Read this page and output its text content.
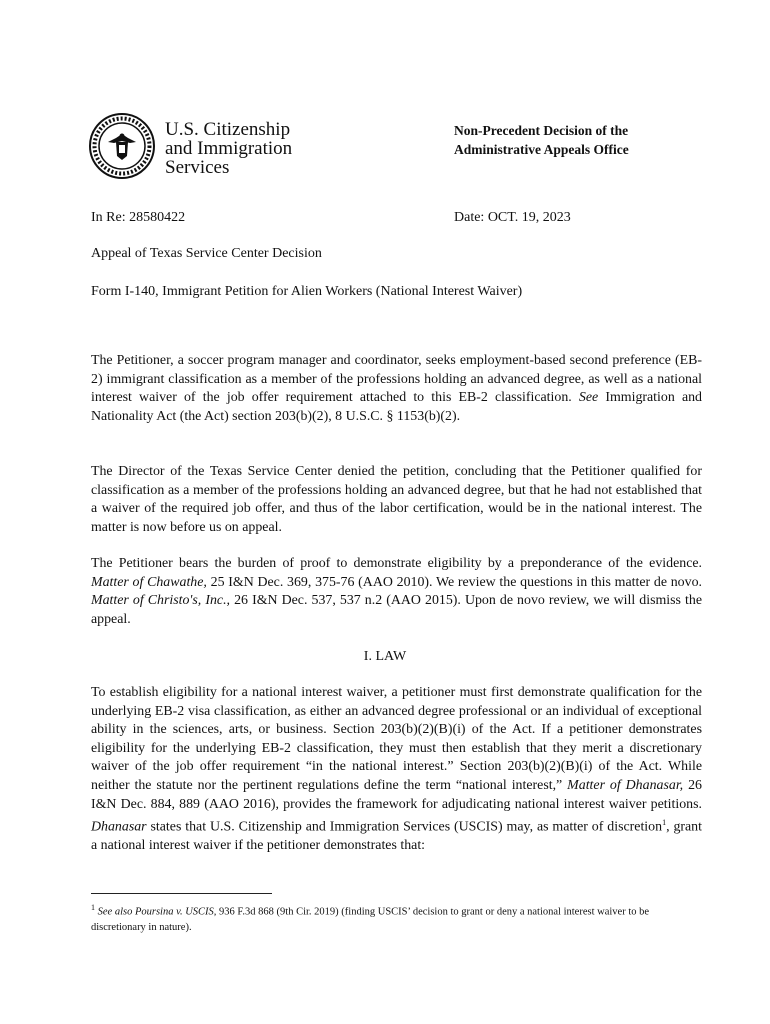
U.S. Citizenship
and Immigration
Services
Non-Precedent Decision of the
Administrative Appeals Office
In Re: 28580422	Date: OCT. 19, 2023
Appeal of Texas Service Center Decision
Form I-140, Immigrant Petition for Alien Workers (National Interest Waiver)
The Petitioner, a soccer program manager and coordinator, seeks employment-based second preference (EB-2) immigrant classification as a member of the professions holding an advanced degree, as well as a national interest waiver of the job offer requirement attached to this EB-2 classification. See Immigration and Nationality Act (the Act) section 203(b)(2), 8 U.S.C. § 1153(b)(2).
The Director of the Texas Service Center denied the petition, concluding that the Petitioner qualified for classification as a member of the professions holding an advanced degree, but that he had not established that a waiver of the required job offer, and thus of the labor certification, would be in the national interest. The matter is now before us on appeal.
The Petitioner bears the burden of proof to demonstrate eligibility by a preponderance of the evidence. Matter of Chawathe, 25 I&N Dec. 369, 375-76 (AAO 2010). We review the questions in this matter de novo. Matter of Christo's, Inc., 26 I&N Dec. 537, 537 n.2 (AAO 2015). Upon de novo review, we will dismiss the appeal.
I. LAW
To establish eligibility for a national interest waiver, a petitioner must first demonstrate qualification for the underlying EB-2 visa classification, as either an advanced degree professional or an individual of exceptional ability in the sciences, arts, or business. Section 203(b)(2)(B)(i) of the Act. If a petitioner demonstrates eligibility for the underlying EB-2 classification, they must then establish that they merit a discretionary waiver of the job offer requirement “in the national interest.” Section 203(b)(2)(B)(i) of the Act. While neither the statute nor the pertinent regulations define the term “national interest,” Matter of Dhanasar, 26 I&N Dec. 884, 889 (AAO 2016), provides the framework for adjudicating national interest waiver petitions. Dhanasar states that U.S. Citizenship and Immigration Services (USCIS) may, as matter of discretion$^1$, grant a national interest waiver if the petitioner demonstrates that:
$^1$ See also Poursina v. USCIS, 936 F.3d 868 (9th Cir. 2019) (finding USCIS’ decision to grant or deny a national interest waiver to be discretionary in nature).
